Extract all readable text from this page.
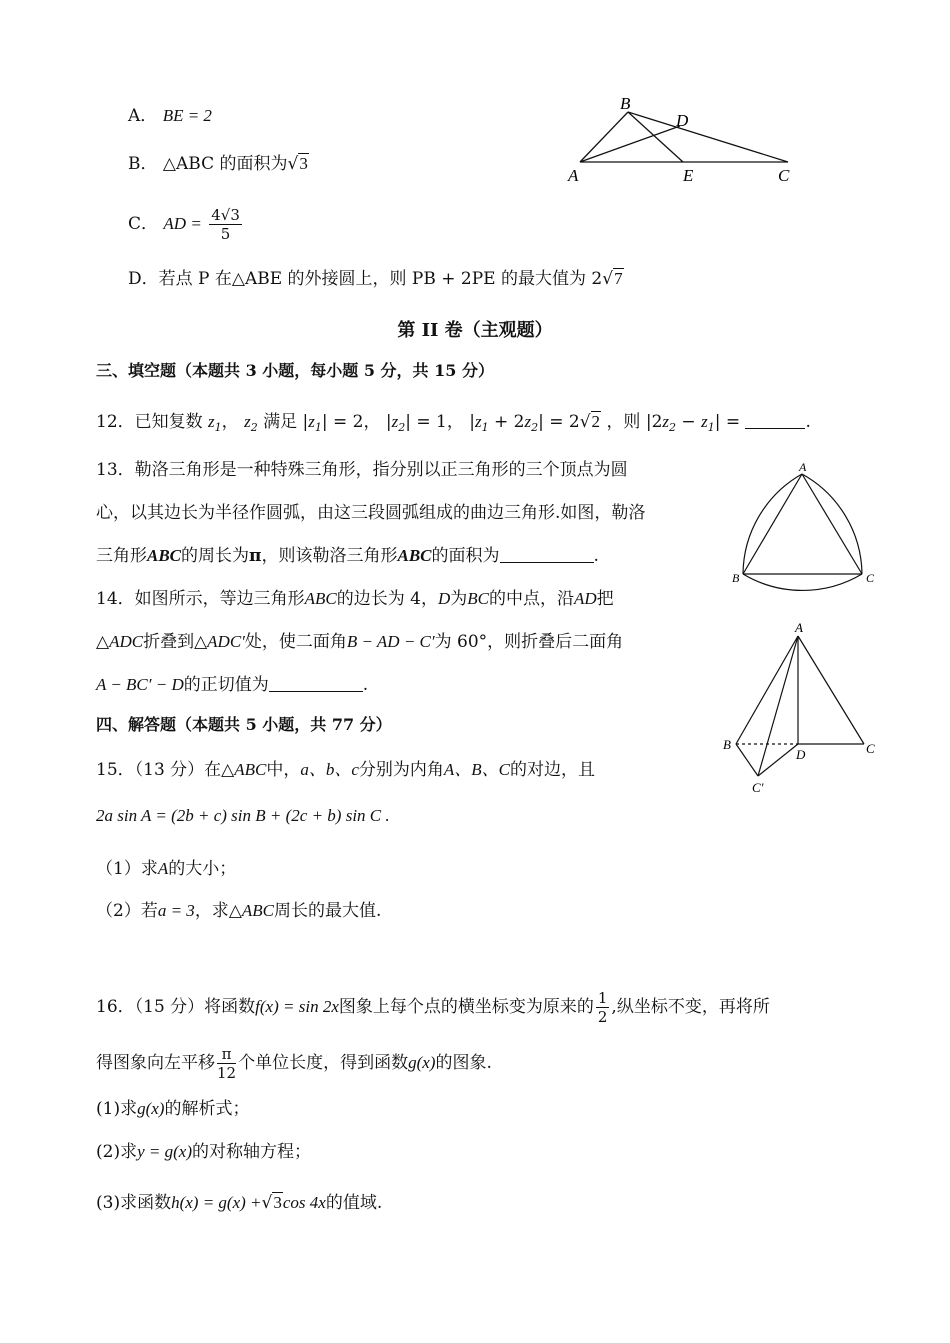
A． BE = 2
B． △ABC 的面积为√3
C． AD = $\frac{4√3}{5}$
D．若点 P 在△ABE 的外接圆上，则 PB + 2PE 的最大值为 2√7
B
D
A	E	C
第 II 卷（主观题）
三、填空题（本题共 3 小题，每小题 5 分，共 15 分）
12．已知复数 $z_1$， $z_2$ 满足 $|z_1| = 2$， $|z_2| = 1$， $|z_1 + 2z_2| = 2√2$ ，则 $|2z_2 - z_1|$ =	.
13．勒洛三角形是一种特殊三角形，指分别以正三角形的三个顶点为圆
心，以其边长为半径作圆弧，由这三段圆弧组成的曲边三角形.如图，勒洛
三角形ABC的周长为π，则该勒洛三角形ABC的面积为	.
A
B	C
14．如图所示，等边三角形ABC的边长为 4，D为BC的中点，沿AD把
△ADC折叠到△ADC′处，使二面角B − AD − C′为 60°，则折叠后二面角
A − BC′ − D的正切值为	.
A
B	C
D
C′
四、解答题（本题共 5 小题，共 77 分）
15．（13 分）在△ABC中，a、b、c分别为内角A、B、C的对边，且
2a sin A = (2b + c) sin B + (2c + b) sin C .
（1）求A的大小；
（2）若a = 3，求△ABC周长的最大值.
16．（15 分）将函数f(x) = sin 2x图象上每个点的横坐标变为原来的 $\frac{1}{2}$ ,纵坐标不变，再将所
得图象向左平移 $\frac{\pi}{12}$ 个单位长度，得到函数g(x)的图象.
(1)求g(x)的解析式；
(2)求y = g(x)的对称轴方程；
(3)求函数h(x) = g(x) +√3cos 4x的值域.
